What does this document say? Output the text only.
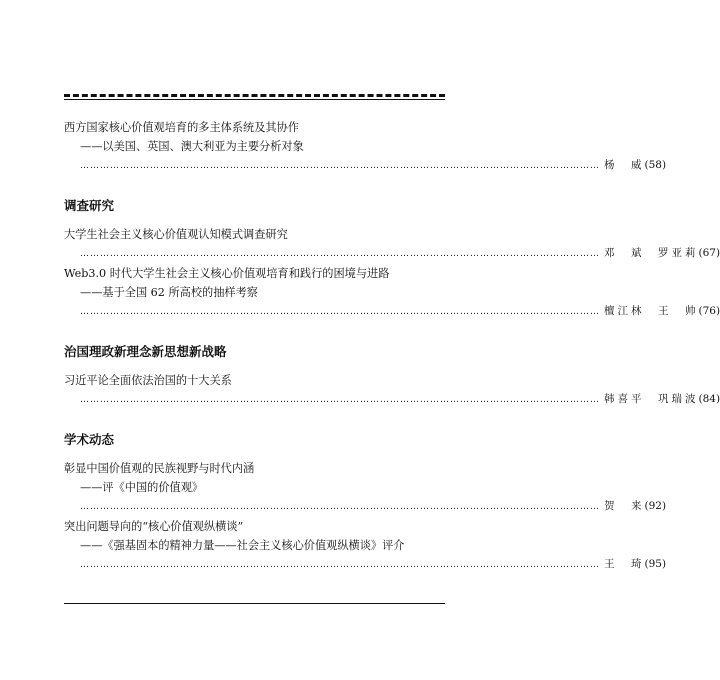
西方国家核心价值观培育的多主体系统及其协作
——以美国、英国、澳大利亚为主要分析对象
………………………………………………………………………………………………………………………………………… 杨　威 (58)
调查研究
大学生社会主义核心价值观认知模式调查研究
………………………………………………………………………………………………………………………………………… 邓　斌　罗亚莉 (67)
Web3.0 时代大学生社会主义核心价值观培育和践行的困境与进路
——基于全国 62 所高校的抽样考察
………………………………………………………………………………………………………………………………………… 檀江林　王　帅 (76)
治国理政新理念新思想新战略
习近平论全面依法治国的十大关系
………………………………………………………………………………………………………………………………………… 韩喜平　巩瑞波 (84)
学术动态
彰显中国价值观的民族视野与时代内涵
——评《中国的价值观》
………………………………………………………………………………………………………………………………………… 贺　来 (92)
突出问题导向的“核心价值观纵横谈”
——《强基固本的精神力量——社会主义核心价值观纵横谈》评介
………………………………………………………………………………………………………………………………………… 王　琦 (95)
